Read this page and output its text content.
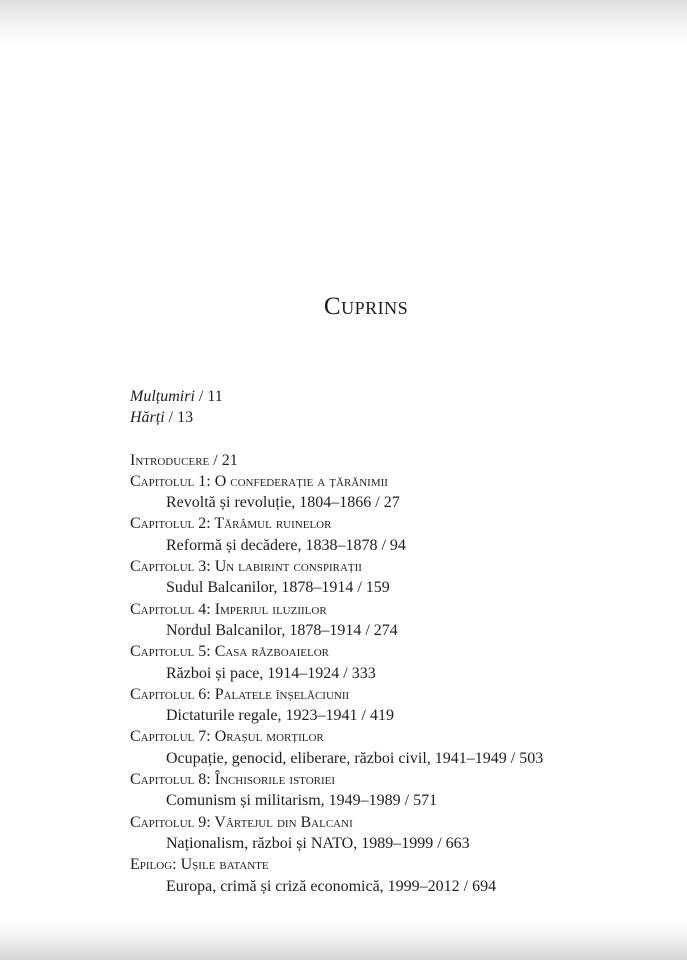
Cuprins
Mulțumiri / 11
Hărți / 13
Introducere / 21
Capitolul 1: O confederație a țărănimii
Revoltă și revoluție, 1804–1866 / 27
Capitolul 2: Tărâmul ruinelor
Reformă și decădere, 1838–1878 / 94
Capitolul 3: Un labirint conspirații
Sudul Balcanilor, 1878–1914 / 159
Capitolul 4: Imperiul iluziilor
Nordul Balcanilor, 1878–1914 / 274
Capitolul 5: Casa războaielor
Război și pace, 1914–1924 / 333
Capitolul 6: Palatele înșelăciunii
Dictaturile regale, 1923–1941 / 419
Capitolul 7: Orașul morților
Ocupație, genocid, eliberare, război civil, 1941–1949 / 503
Capitolul 8: Închisorile istoriei
Comunism și militarism, 1949–1989 / 571
Capitolul 9: Vârtejul din Balcani
Naționalism, război și NATO, 1989–1999 / 663
Epilog: Ușile batante
Europa, crimă și criză economică, 1999–2012 / 694
